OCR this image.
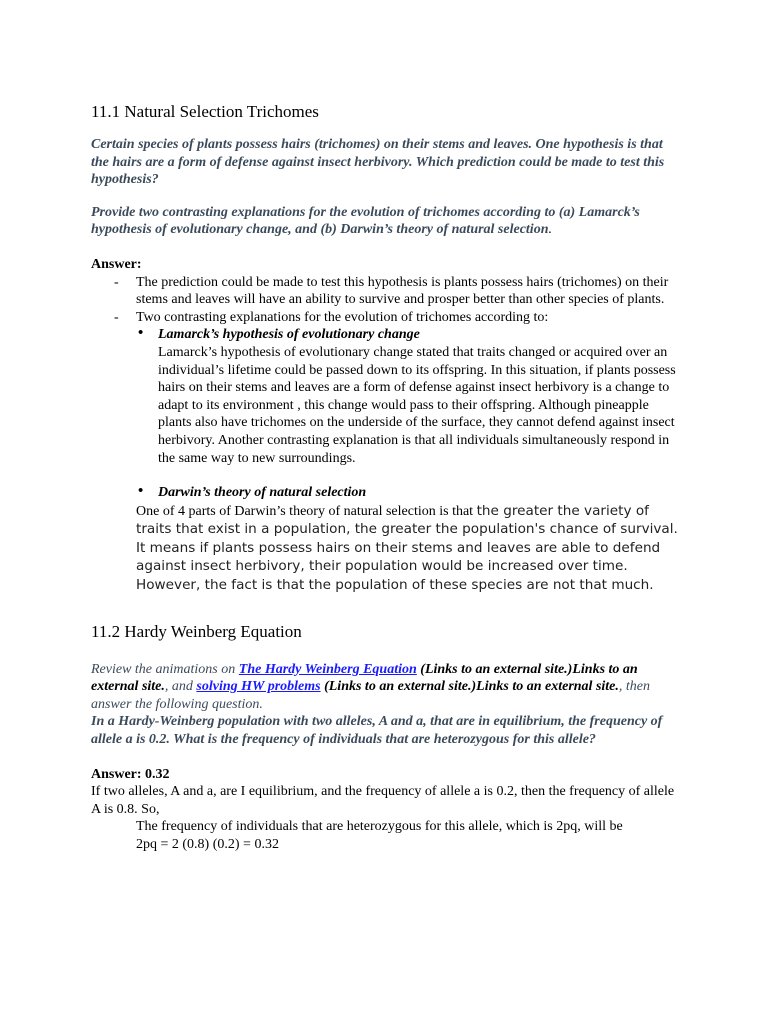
11.1 Natural Selection Trichomes

Certain species of plants possess hairs (trichomes) on their stems and leaves. One hypothesis is that the hairs are a form of defense against insect herbivory. Which prediction could be made to test this hypothesis?

Provide two contrasting explanations for the evolution of trichomes according to (a) Lamarck’s hypothesis of evolutionary change, and (b) Darwin’s theory of natural selection.

Answer:

- The prediction could be made to test this hypothesis is plants possess hairs (trichomes) on their stems and leaves will have an ability to survive and prosper better than other species of plants.

- Two contrasting explanations for the evolution of trichomes according to:

• Lamarck’s hypothesis of evolutionary change

Lamarck’s hypothesis of evolutionary change stated that traits changed or acquired over an individual’s lifetime could be passed down to its offspring. In this situation, if plants possess hairs on their stems and leaves are a form of defense against insect herbivory is a change to adapt to its environment , this change would pass to their offspring. Although pineapple plants also have trichomes on the underside of the surface, they cannot defend against insect herbivory. Another contrasting explanation is that all individuals simultaneously respond in the same way to new surroundings.

• Darwin’s theory of natural selection

One of 4 parts of Darwin’s theory of natural selection is that the greater the variety of traits that exist in a population, the greater the population's chance of survival. It means if plants possess hairs on their stems and leaves are able to defend against insect herbivory, their population would be increased over time. However, the fact is that the population of these species are not that much.

11.2 Hardy Weinberg Equation

Review the animations on The Hardy Weinberg Equation (Links to an external site.)Links to an external site., and solving HW problems (Links to an external site.)Links to an external site., then answer the following question.

In a Hardy-Weinberg population with two alleles, A and a, that are in equilibrium, the frequency of allele a is 0.2. What is the frequency of individuals that are heterozygous for this allele?

Answer: 0.32

If two alleles, A and a, are I equilibrium, and the frequency of allele a is 0.2, then the frequency of allele A is 0.8. So,

The frequency of individuals that are heterozygous for this allele, which is 2pq, will be

2pq = 2 (0.8) (0.2) = 0.32
